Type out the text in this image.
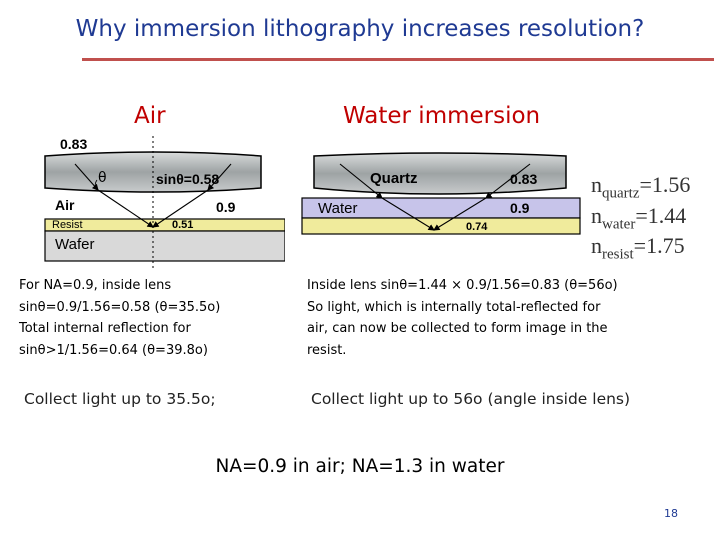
Why immersion lithography increases resolution?
Air	Water immersion
0.83
θ	sinθ=0.58
Air	0.9
Resist	0.51
Wafer
Quartz	0.83
Water	0.9
0.74
$n_{quartz}=1.56$
$n_{water}=1.44$
$n_{resist}=1.75$
For NA=0.9, inside lens
sinθ=0.9/1.56=0.58 (θ=35.5o)
Total internal reflection for
sinθ>1/1.56=0.64 (θ=39.8o)
Collect light up to 35.5o;
Inside lens sinθ=1.44 × 0.9/1.56=0.83 (θ=56o)
So light, which is internally total-reflected for
air, can now be collected to form image in the
resist.
Collect light up to 56o (angle inside lens)
NA=0.9 in air; NA=1.3 in water
18
